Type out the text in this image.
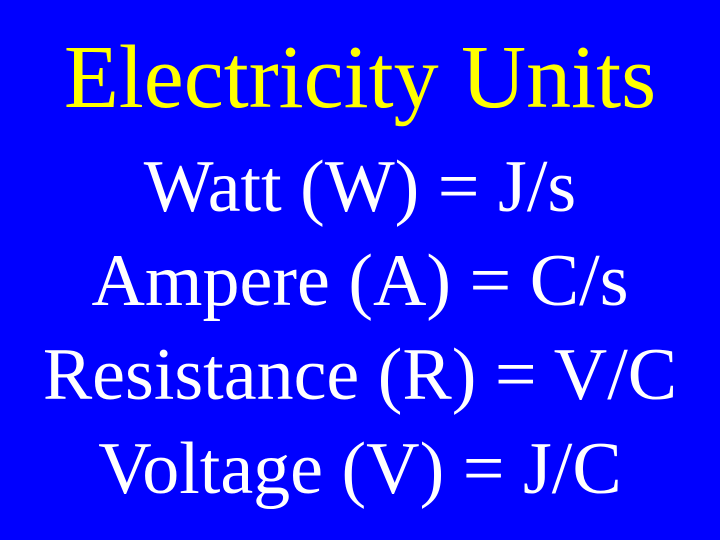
Electricity Units
Watt (W) = J/s
Ampere (A) = C/s
Resistance (R) = V/C
Voltage (V) = J/C
